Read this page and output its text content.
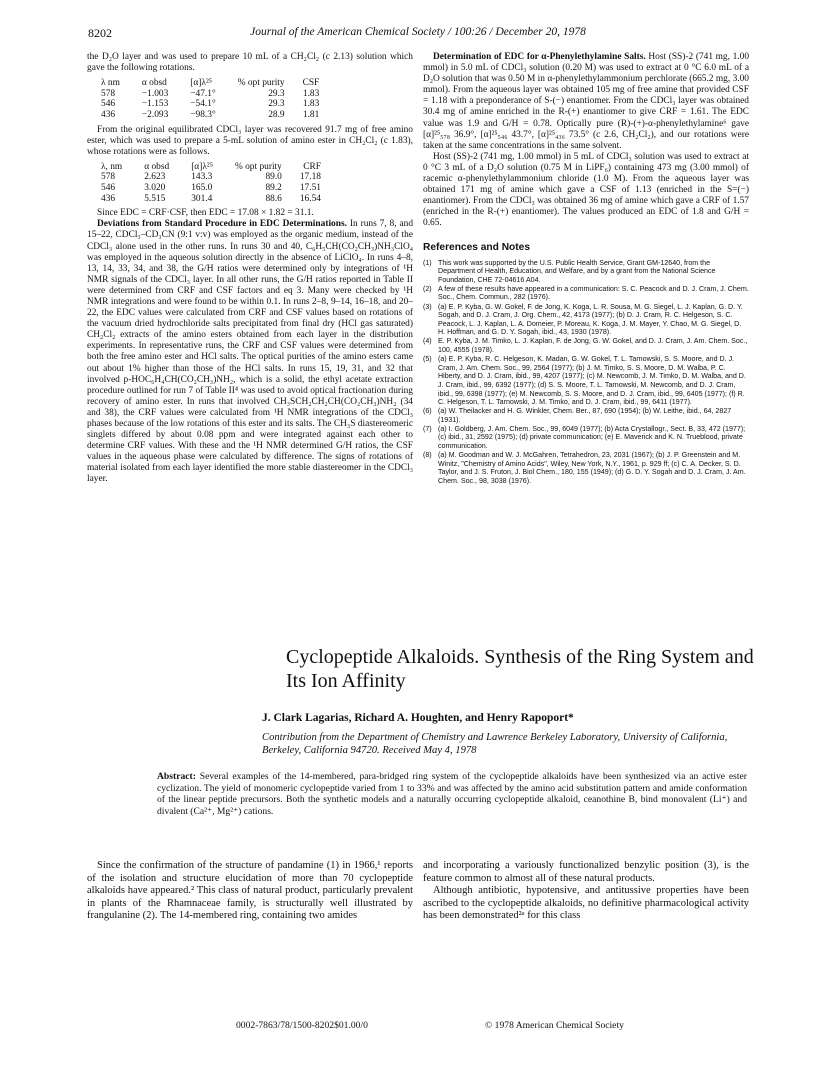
8202	Journal of the American Chemical Society / 100:26 / December 20, 1978

the D₂O layer and was used to prepare 10 mL of a CH₂Cl₂ (c 2.13) solution which gave the following rotations.

λ nm	α obsd	[α]λ²⁵	% opt purity	CSF
578	−1.003	−47.1°	29.3	1.83
546	−1.153	−54.1°	29.3	1.83
436	−2.093	−98.3°	28.9	1.81

From the original equilibrated CDCl₃ layer was recovered 91.7 mg of free amino ester, which was used to prepare a 5-mL solution of amino ester in CH₂Cl₂ (c 1.83), whose rotations were as follows.

λ, nm	α obsd	[α]λ²⁵	% opt purity	CRF
578	2.623	143.3	89.0	17.18
546	3.020	165.0	89.2	17.51
436	5.515	301.4	88.6	16.54

Since EDC = CRF·CSF, then EDC = 17.08 × 1.82 = 31.1.

Deviations from Standard Procedure in EDC Determinations. In runs 7, 8, and 15–22, CDCl₃–CD₃CN (9:1 v:v) was employed as the organic medium, instead of the CDCl₃ alone used in the other runs. In runs 30 and 40, C₆H₅CH(CO₂CH₃)NH₃ClO₄ was employed in the aqueous solution directly in the absence of LiClO₄. In runs 4–8, 13, 14, 33, 34, and 38, the G/H ratios were determined only by integrations of ¹H NMR signals of the CDCl₃ layer. In all other runs, the G/H ratios reported in Table II were determined from CRF and CSF factors and eq 3. Many were checked by ¹H NMR integrations and were found to be within 0.1. In runs 2–8, 9–14, 16–18, and 20–22, the EDC values were calculated from CRF and CSF values based on rotations of the vacuum dried hydrochloride salts precipitated from final dry (HCl gas saturated) CH₂Cl₂ extracts of the amino esters obtained from each layer in the distribution experiments. In representative runs, the CRF and CSF values were determined from both the free amino ester and HCl salts. The optical purities of the amino esters came out about 1% higher than those of the HCl salts. In runs 15, 19, 31, and 32 that involved p-HOC₆H₄CH(CO₂CH₃)NH₂, which is a solid, the ethyl acetate extraction procedure outlined for run 7 of Table II⁴ was used to avoid optical fractionation during recovery of amino ester. In runs that involved CH₃SCH₂CH₂CH(CO₂CH₃)NH₂ (34 and 38), the CRF values were calculated from ¹H NMR integrations of the CDCl₃ phases because of the low rotations of this ester and its salts. The CH₃S diastereomeric singlets differed by about 0.08 ppm and were integrated against each other to determine CRF values. With these and the ¹H NMR determined G/H ratios, the CSF values in the aqueous phase were calculated by difference. The signs of rotations of material isolated from each layer identified the more stable diastereomer in the CDCl₃ layer.

Determination of EDC for α-Phenylethylamine Salts. Host (SS)-2 (741 mg, 1.00 mmol) in 5.0 mL of CDCl₃ solution (0.20 M) was used to extract at 0 °C 6.0 mL of a D₂O solution that was 0.50 M in α-phenylethylammonium perchlorate (665.2 mg, 3.00 mmol). From the aqueous layer was obtained 105 mg of free amine that provided CSF = 1.18 with a preponderance of S-(−) enantiomer. From the CDCl₃ layer was obtained 30.4 mg of amine enriched in the R-(+) enantiomer to give CRF = 1.61. The EDC value was 1.9 and G/H = 0.78. Optically pure (R)-(+)-α-phenylethylamine⁶ gave [α]²⁵₅₇₈ 36.9°, [α]²⁵₅₄₆ 43.7°, [α]²⁵₄₃₆ 73.5° (c 2.6, CH₂Cl₂), and our rotations were taken at the same concentrations in the same solvent.

Host (SS)-2 (741 mg, 1.00 mmol) in 5 mL of CDCl₃ solution was used to extract at 0 °C 3 mL of a D₂O solution (0.75 M in LiPF₆) containing 473 mg (3.00 mmol) of racemic α-phenylethylammonium chloride (1.0 M). From the aqueous layer was obtained 171 mg of amine which gave a CSF of 1.13 (enriched in the S=(−) enantiomer). From the CDCl₃ was obtained 36 mg of amine which gave a CRF of 1.57 (enriched in the R-(+) enantiomer). The values produced an EDC of 1.8 and G/H = 0.65.

References and Notes
(1) This work was supported by the U.S. Public Health Service, Grant GM-12640, from the Department of Health, Education, and Welfare, and by a grant from the National Science Foundation, CHE 72-04616 A04.
(2) A few of these results have appeared in a communication: S. C. Peacock and D. J. Cram, J. Chem. Soc., Chem. Commun., 282 (1976).
(3) (a) E. P. Kyba, G. W. Gokel, F. de Jong, K. Koga, L. R. Sousa, M. G. Siegel, L. J. Kaplan, G. D. Y. Sogah, and D. J. Cram, J. Org. Chem., 42, 4173 (1977); (b) D. J. Cram, R. C. Helgeson, S. C. Peacock, L. J. Kaplan, L. A. Domeier, P. Moreau, K. Koga, J. M. Mayer, Y. Chao, M. G. Siegel, D. H. Hoffman, and G. D. Y. Sogah, ibid., 43, 1930 (1978).
(4) E. P. Kyba, J. M. Timko, L. J. Kaplan, F. de Jong, G. W. Gokel, and D. J. Cram, J. Am. Chem. Soc., 100, 4555 (1978).
(5) (a) E. P. Kyba, R. C. Helgeson, K. Madan, G. W. Gokel, T. L. Tarnowski, S. S. Moore, and D. J. Cram, J. Am. Chem. Soc., 99, 2564 (1977); (b) J. M. Timko, S. S. Moore, D. M. Walba, P. C. Hiberty, and D. J. Cram, ibid., 99, 4207 (1977); (c) M. Newcomb, J. M. Timko, D. M. Walba, and D. J. Cram, ibid., 99, 6392 (1977); (d) S. S. Moore, T. L. Tarnowski, M. Newcomb, and D. J. Cram, ibid., 99, 6398 (1977); (e) M. Newcomb, S. S. Moore, and D. J. Cram, ibid., 99, 6405 (1977); (f) R. C. Helgeson, T. L. Tarnowski, J. M. Timko, and D. J. Cram, ibid., 99, 6411 (1977).
(6) (a) W. Theilacker and H. G. Winkler, Chem. Ber., 87, 690 (1954); (b) W. Leithe, ibid., 64, 2827 (1931).
(7) (a) I. Goldberg, J. Am. Chem. Soc., 99, 6049 (1977); (b) Acta Crystallogr., Sect. B, 33, 472 (1977); (c) ibid., 31, 2592 (1975); (d) private communication; (e) E. Maverick and K. N. Trueblood, private communication.
(8) (a) M. Goodman and W. J. McGahren, Tetrahedron, 23, 2031 (1967); (b) J. P. Greenstein and M. Winitz, "Chemistry of Amino Acids", Wiley, New York, N.Y., 1961, p. 929 ff; (c) C. A. Decker, S. D. Taylor, and J. S. Fruton, J. Biol Chem., 180, 155 (1949); (d) G. D. Y. Sogah and D. J. Cram, J. Am. Chem. Soc., 98, 3038 (1976).
Cyclopeptide Alkaloids. Synthesis of the Ring System and Its Ion Affinity
J. Clark Lagarias, Richard A. Houghten, and Henry Rapoport*
Contribution from the Department of Chemistry and Lawrence Berkeley Laboratory, University of California, Berkeley, California 94720. Received May 4, 1978
Abstract: Several examples of the 14-membered, para-bridged ring system of the cyclopeptide alkaloids have been synthesized via an active ester cyclization. The yield of monomeric cyclopeptide varied from 1 to 33% and was affected by the amino acid substitution pattern and amide conformation of the linear peptide precursors. Both the synthetic models and a naturally occurring cyclopeptide alkaloid, ceanothine B, bind monovalent (Li⁺) and divalent (Ca²⁺, Mg²⁺) cations.

Since the confirmation of the structure of pandamine (1) in 1966,¹ reports of the isolation and structure elucidation of more than 70 cyclopeptide alkaloids have appeared.² This class of natural product, particularly prevalent in plants of the Rhamnaceae family, is structurally well illustrated by frangulanine (2). The 14-membered ring, containing two amides

and incorporating a variously functionalized benzylic position (3), is the feature common to almost all of these natural products.

Although antibiotic, hypotensive, and antitussive properties have been ascribed to the cyclopeptide alkaloids, no definitive pharmacological activity has been demonstrated²ᵃ for this class

0002-7863/78/1500-8202$01.00/0	© 1978 American Chemical Society
